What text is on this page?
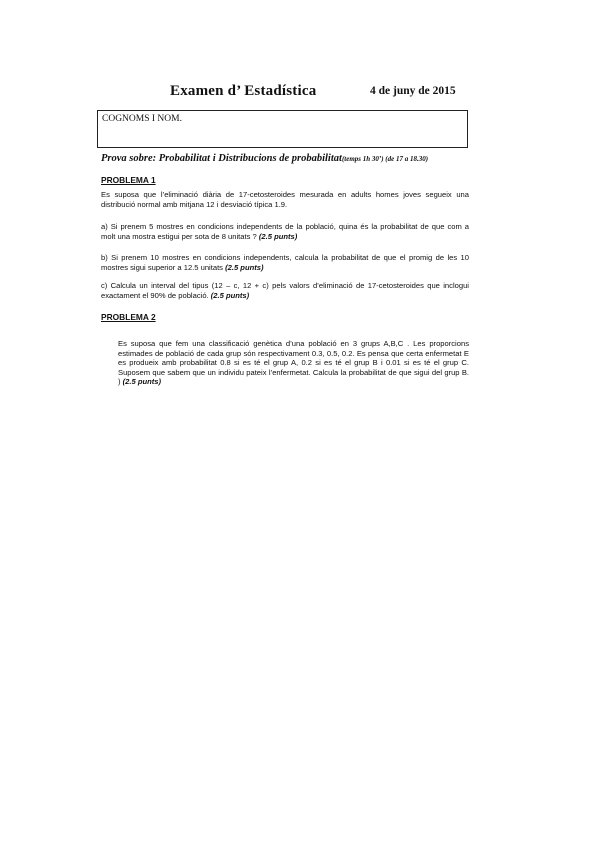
Examen d’ Estadística	4 de juny de 2015
COGNOMS I NOM.
Prova sobre: Probabilitat i Distribucions de probabilitat(temps 1h 30’) (de 17 a 18.30)
PROBLEMA 1
Es suposa que l’eliminació diària de 17-cetosteroides mesurada en adults homes joves segueix una distribució normal amb mitjana 12 i desviació típica 1.9.
a) Si prenem 5 mostres en condicions independents de la població, quina és la probabilitat de que com a molt una mostra estigui per sota de 8 unitats ? (2.5 punts)
b) Si prenem 10 mostres en condicions independents, calcula la probabilitat de que el promig de les 10 mostres sigui superior a 12.5 unitats (2.5 punts)
c) Calcula un interval del tipus (12 – c, 12 + c) pels valors d’eliminació de 17-cetosteroides que inclogui exactament el 90% de població. (2.5 punts)
PROBLEMA 2
Es suposa que fem una classificació genètica d’una població en 3 grups A,B,C . Les proporcions estimades de població de cada grup són respectivament 0.3, 0.5, 0.2. Es pensa que certa enfermetat E es produeix amb probabilitat 0.8 si es té el grup A, 0.2 si es té el grup B i 0.01 si es té el grup C. Suposem que sabem que un individu pateix l’enfermetat. Calcula la probabilitat de que sigui del grup B. ) (2.5 punts)
